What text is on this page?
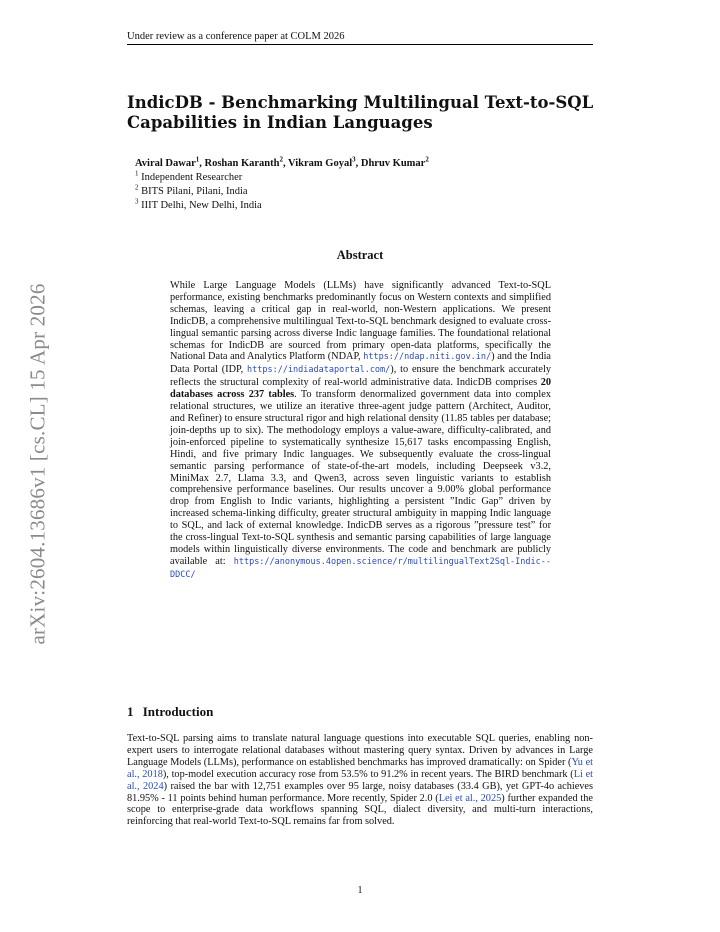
Under review as a conference paper at COLM 2026
arXiv:2604.13686v1 [cs.CL] 15 Apr 2026
IndicDB - Benchmarking Multilingual Text-to-SQL
Capabilities in Indian Languages
Aviral Dawar$^1$, Roshan Karanth$^2$, Vikram Goyal$^3$, Dhruv Kumar$^2$
$^1$ Independent Researcher
$^2$ BITS Pilani, Pilani, India
$^3$ IIIT Delhi, New Delhi, India
Abstract
While Large Language Models (LLMs) have significantly advanced Text-to-SQL performance, existing benchmarks predominantly focus on Western contexts and simplified schemas, leaving a critical gap in real-world, non-Western applications. We present IndicDB, a comprehensive multilingual Text-to-SQL benchmark designed to evaluate cross-lingual semantic parsing across diverse Indic language families. The foundational relational schemas for IndicDB are sourced from primary open-data platforms, specifically the National Data and Analytics Platform (NDAP, https://ndap.niti.gov.in/) and the India Data Portal (IDP, https://indiadataportal.com/), to ensure the benchmark accurately reflects the structural complexity of real-world administrative data. IndicDB comprises 20 databases across 237 tables. To transform denormalized government data into complex relational structures, we utilize an iterative three-agent judge pattern (Architect, Auditor, and Refiner) to ensure structural rigor and high relational density (11.85 tables per database; join-depths up to six). The methodology employs a value-aware, difficulty-calibrated, and join-enforced pipeline to systematically synthesize 15,617 tasks encompassing English, Hindi, and five primary Indic languages. We subsequently evaluate the cross-lingual semantic parsing performance of state-of-the-art models, including Deepseek v3.2, MiniMax 2.7, Llama 3.3, and Qwen3, across seven linguistic variants to establish comprehensive performance baselines. Our results uncover a 9.00% global performance drop from English to Indic variants, highlighting a persistent ”Indic Gap” driven by increased schema-linking difficulty, greater structural ambiguity in mapping Indic language to SQL, and lack of external knowledge. IndicDB serves as a rigorous ”pressure test” for the cross-lingual Text-to-SQL synthesis and semantic parsing capabilities of large language models within linguistically diverse environments. The code and benchmark are publicly available at: https://anonymous.4open.science/r/multilingualText2Sql-Indic--DDCC/
1 Introduction
Text-to-SQL parsing aims to translate natural language questions into executable SQL queries, enabling non-expert users to interrogate relational databases without mastering query syntax. Driven by advances in Large Language Models (LLMs), performance on established benchmarks has improved dramatically: on Spider (Yu et al., 2018), top-model execution accuracy rose from 53.5% to 91.2% in recent years. The BIRD benchmark (Li et al., 2024) raised the bar with 12,751 examples over 95 large, noisy databases (33.4 GB), yet GPT-4o achieves 81.95% - 11 points behind human performance. More recently, Spider 2.0 (Lei et al., 2025) further expanded the scope to enterprise-grade data workflows spanning SQL, dialect diversity, and multi-turn interactions, reinforcing that real-world Text-to-SQL remains far from solved.
1
